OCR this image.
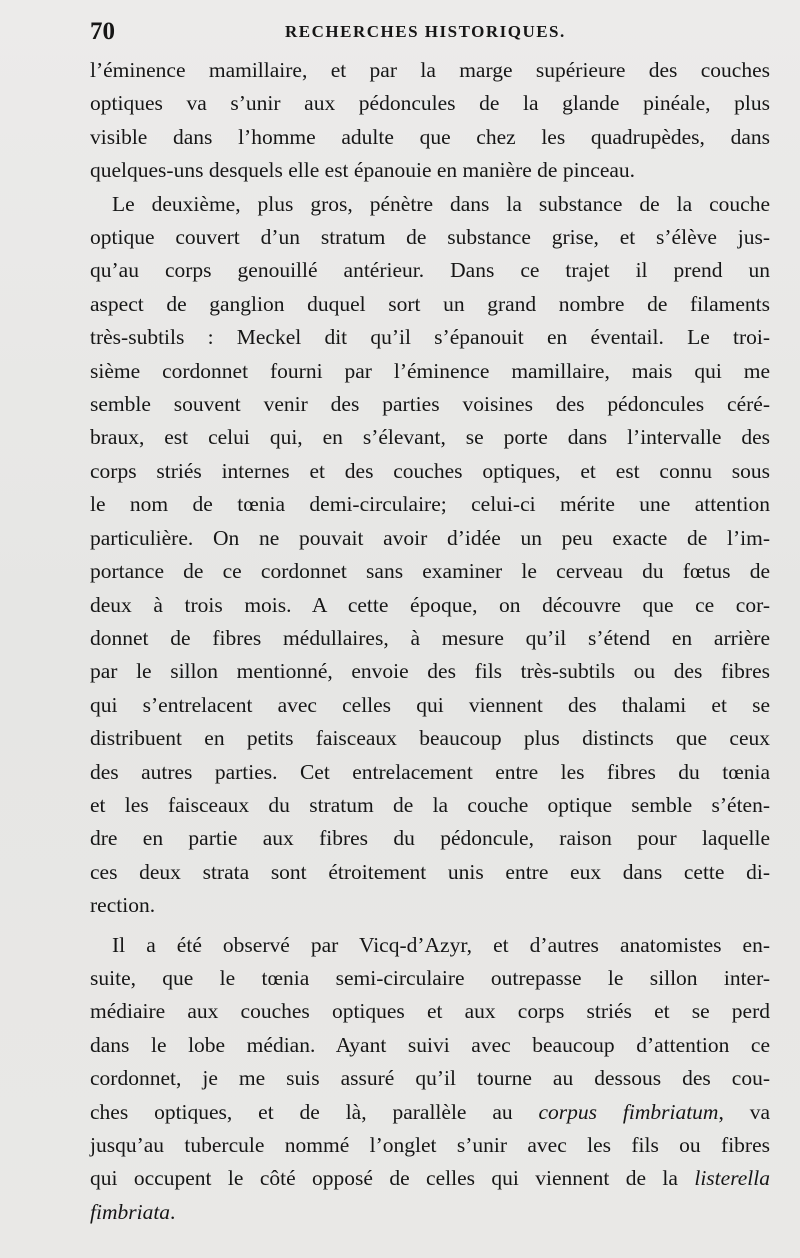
70	RECHERCHES HISTORIQUES.
l’éminence mamillaire, et par la marge supérieure des couches
optiques va s’unir aux pédoncules de la glande pinéale, plus
visible dans l’homme adulte que chez les quadrupèdes, dans
quelques-uns desquels elle est épanouie en manière de pinceau.
Le deuxième, plus gros, pénètre dans la substance de la couche
optique couvert d’un stratum de substance grise, et s’élève jus-
qu’au corps genouillé antérieur. Dans ce trajet il prend un
aspect de ganglion duquel sort un grand nombre de filaments
très-subtils : Meckel dit qu’il s’épanouit en éventail. Le troi-
sième cordonnet fourni par l’éminence mamillaire, mais qui me
semble souvent venir des parties voisines des pédoncules céré-
braux, est celui qui, en s’élevant, se porte dans l’intervalle des
corps striés internes et des couches optiques, et est connu sous
le nom de tœnia demi-circulaire; celui-ci mérite une attention
particulière. On ne pouvait avoir d’idée un peu exacte de l’im-
portance de ce cordonnet sans examiner le cerveau du fœtus de
deux à trois mois. A cette époque, on découvre que ce cor-
donnet de fibres médullaires, à mesure qu’il s’étend en arrière
par le sillon mentionné, envoie des fils très-subtils ou des fibres
qui s’entrelacent avec celles qui viennent des thalami et se
distribuent en petits faisceaux beaucoup plus distincts que ceux
des autres parties. Cet entrelacement entre les fibres du tœnia
et les faisceaux du stratum de la couche optique semble s’éten-
dre en partie aux fibres du pédoncule, raison pour laquelle
ces deux strata sont étroitement unis entre eux dans cette di-
rection.
Il a été observé par Vicq-d’Azyr, et d’autres anatomistes en-
suite, que le tœnia semi-circulaire outrepasse le sillon inter-
médiaire aux couches optiques et aux corps striés et se perd
dans le lobe médian. Ayant suivi avec beaucoup d’attention ce
cordonnet, je me suis assuré qu’il tourne au dessous des cou-
ches optiques, et de là, parallèle au corpus fimbriatum, va
jusqu’au tubercule nommé l’onglet s’unir avec les fils ou fibres
qui occupent le côté opposé de celles qui viennent de la listerella
fimbriata.
